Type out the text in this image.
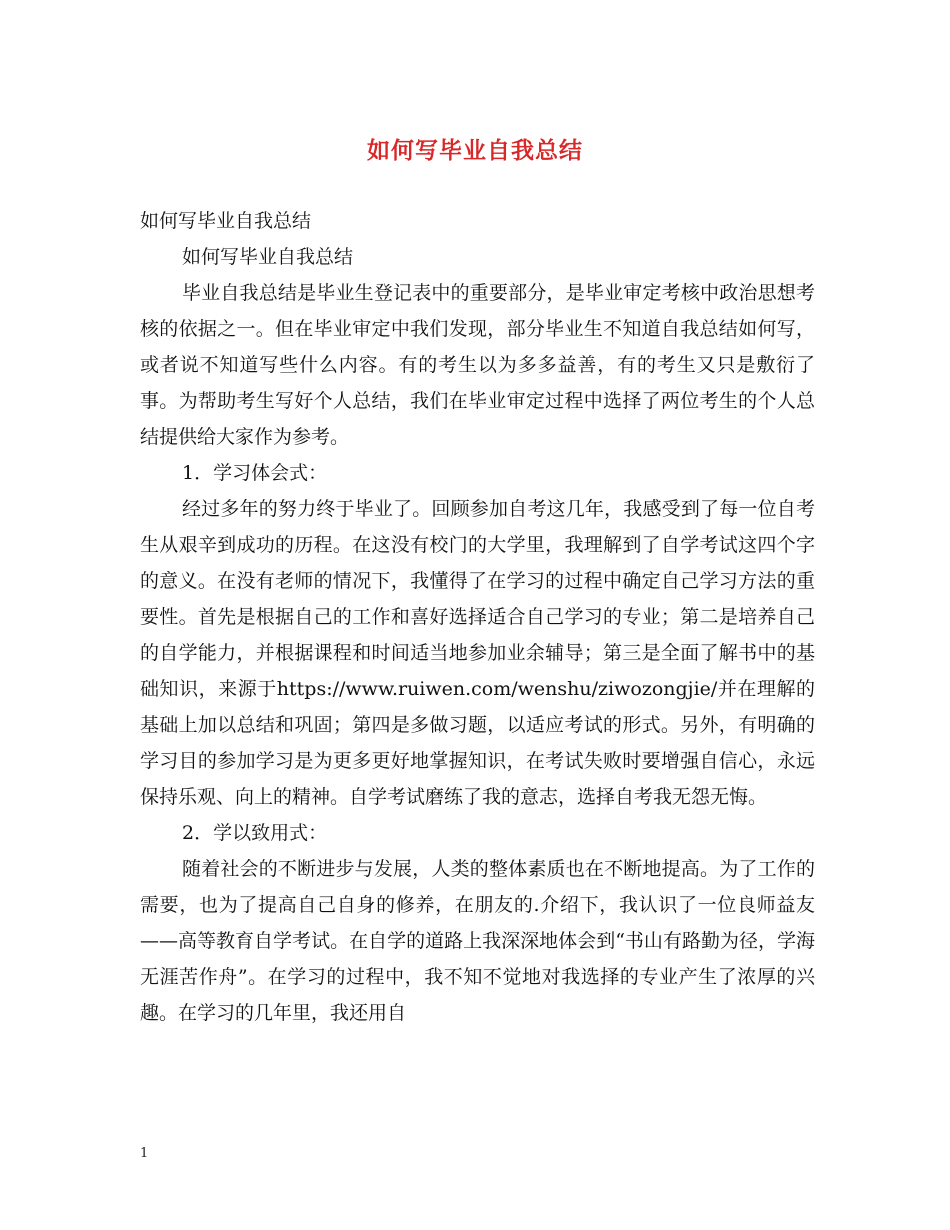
如何写毕业自我总结

如何写毕业自我总结

如何写毕业自我总结

毕业自我总结是毕业生登记表中的重要部分，是毕业审定考核中政治思想考核的依据之一。但在毕业审定中我们发现，部分毕业生不知道自我总结如何写，或者说不知道写些什么内容。有的考生以为多多益善，有的考生又只是敷衍了事。为帮助考生写好个人总结，我们在毕业审定过程中选择了两位考生的个人总结提供给大家作为参考。

1．学习体会式：

经过多年的努力终于毕业了。回顾参加自考这几年，我感受到了每一位自考生从艰辛到成功的历程。在这没有校门的大学里，我理解到了自学考试这四个字的意义。在没有老师的情况下，我懂得了在学习的过程中确定自己学习方法的重要性。首先是根据自己的工作和喜好选择适合自己学习的专业；第二是培养自己的自学能力，并根据课程和时间适当地参加业余辅导；第三是全面了解书中的基础知识，来源于https://www.ruiwen.com/wenshu/ziwozongjie/并在理解的基础上加以总结和巩固；第四是多做习题，以适应考试的形式。另外，有明确的学习目的参加学习是为更多更好地掌握知识，在考试失败时要增强自信心，永远保持乐观、向上的精神。自学考试磨练了我的意志，选择自考我无怨无悔。

2．学以致用式：

随着社会的不断进步与发展，人类的整体素质也在不断地提高。为了工作的需要，也为了提高自己自身的修养，在朋友的.介绍下，我认识了一位良师益友——高等教育自学考试。在自学的道路上我深深地体会到“书山有路勤为径，学海无涯苦作舟”。在学习的过程中，我不知不觉地对我选择的专业产生了浓厚的兴趣。在学习的几年里，我还用自

1
